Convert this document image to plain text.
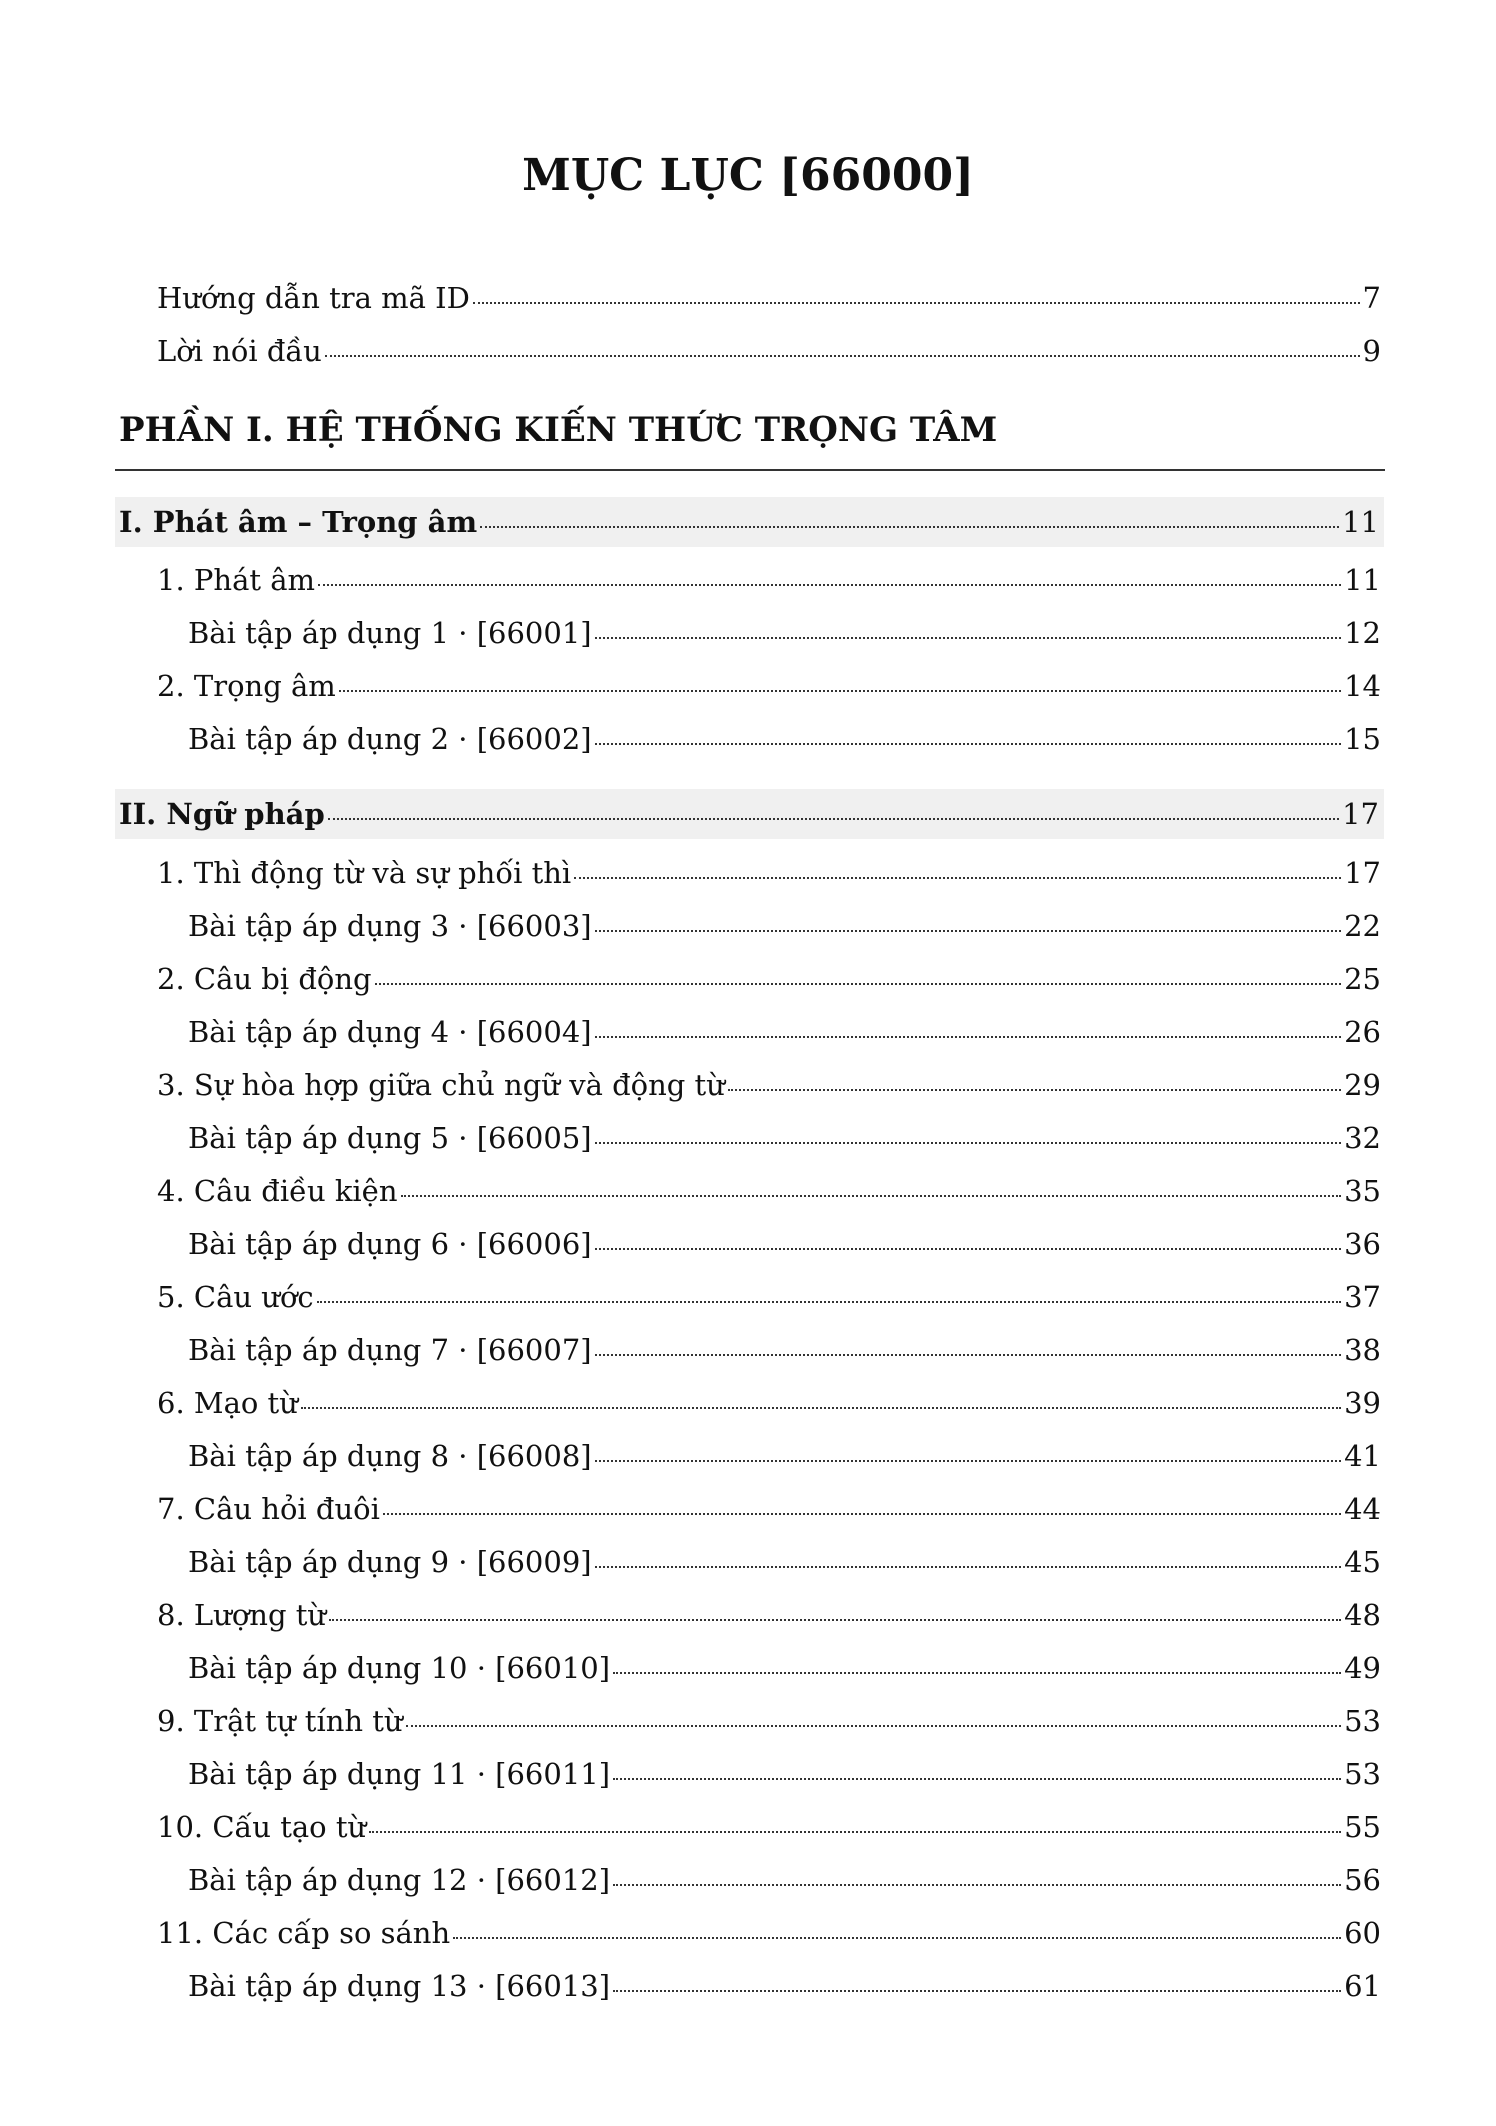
MỤC LỤC [66000]
Hướng dẫn tra mã ID	7
Lời nói đầu	9
PHẦN I. HỆ THỐNG KIẾN THỨC TRỌNG TÂM
I. Phát âm – Trọng âm	11
1. Phát âm	11
Bài tập áp dụng 1 · [66001]	12
2. Trọng âm	14
Bài tập áp dụng 2 · [66002]	15
II. Ngữ pháp	17
1. Thì động từ và sự phối thì	17
Bài tập áp dụng 3 · [66003]	22
2. Câu bị động	25
Bài tập áp dụng 4 · [66004]	26
3. Sự hòa hợp giữa chủ ngữ và động từ	29
Bài tập áp dụng 5 · [66005]	32
4. Câu điều kiện	35
Bài tập áp dụng 6 · [66006]	36
5. Câu ước	37
Bài tập áp dụng 7 · [66007]	38
6. Mạo từ	39
Bài tập áp dụng 8 · [66008]	41
7. Câu hỏi đuôi	44
Bài tập áp dụng 9 · [66009]	45
8. Lượng từ	48
Bài tập áp dụng 10 · [66010]	49
9. Trật tự tính từ	53
Bài tập áp dụng 11 · [66011]	53
10. Cấu tạo từ	55
Bài tập áp dụng 12 · [66012]	56
11. Các cấp so sánh	60
Bài tập áp dụng 13 · [66013]	61
